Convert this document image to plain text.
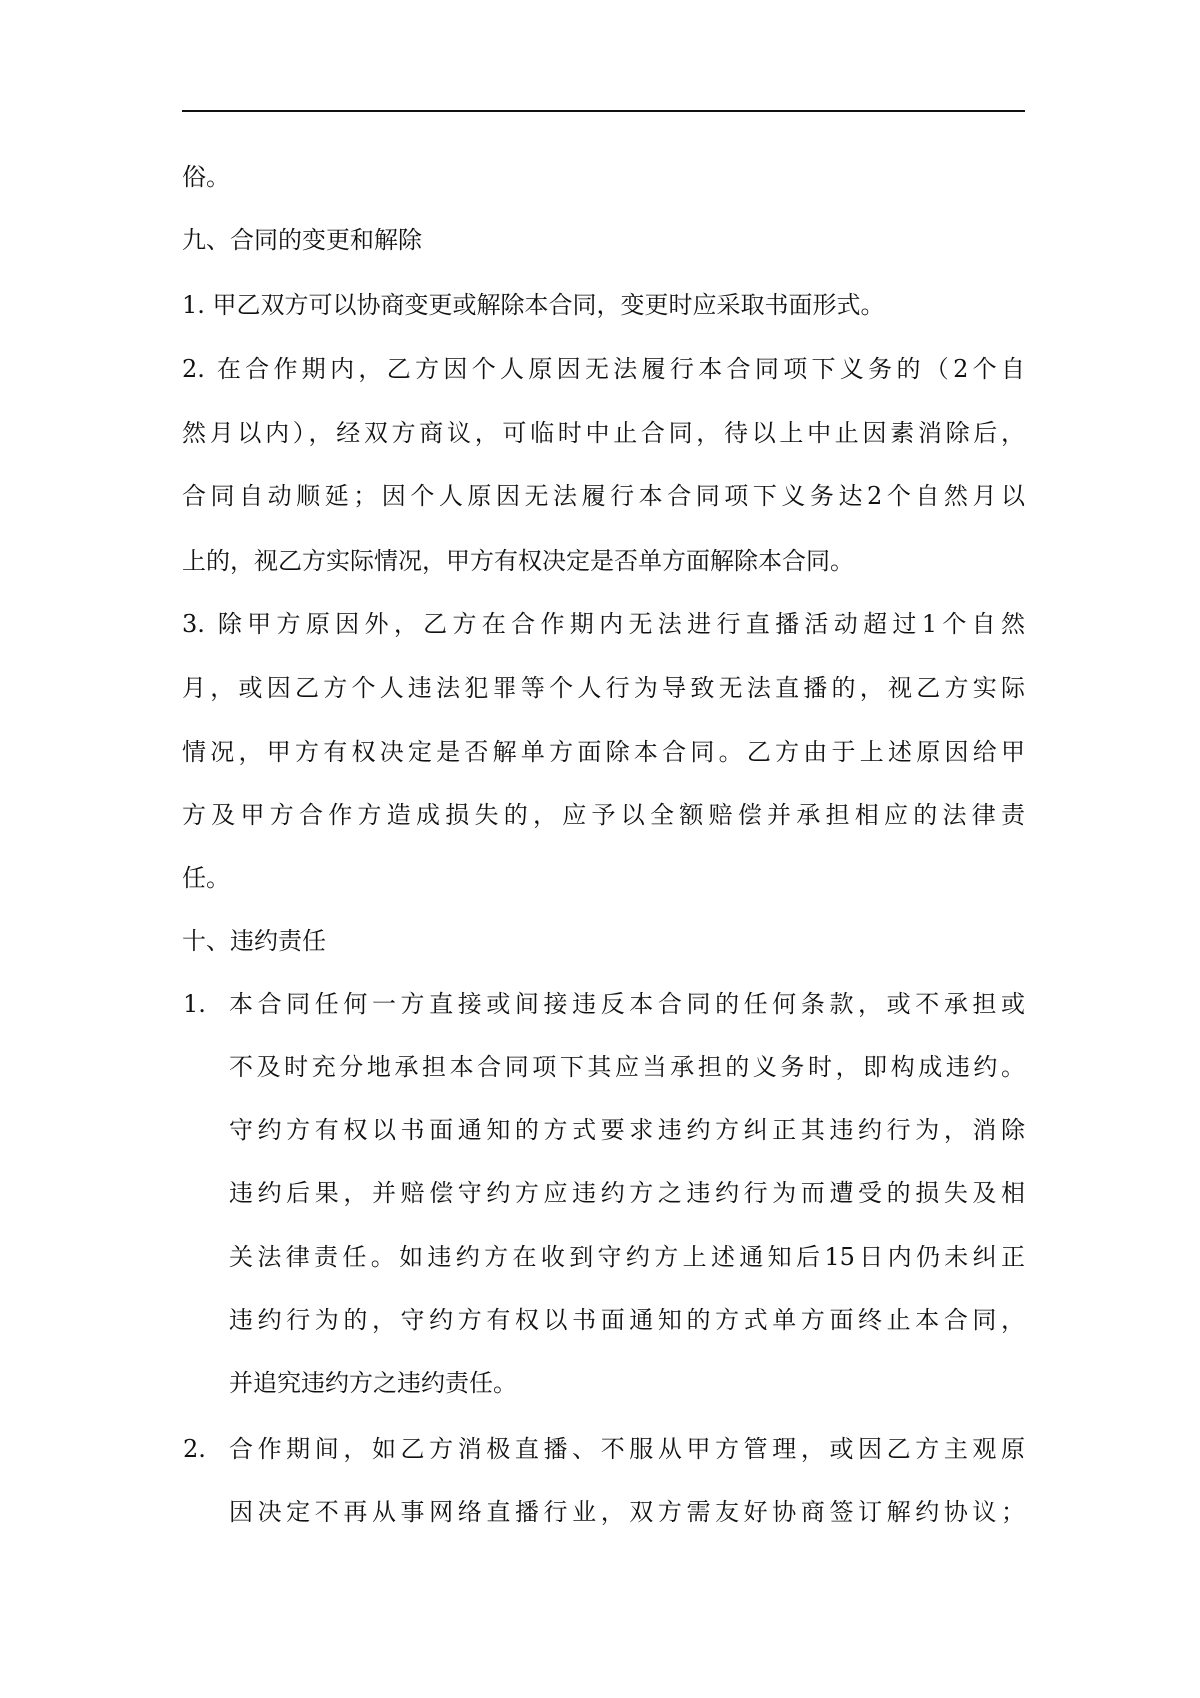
俗。
九、合同的变更和解除
1. 甲乙双方可以协商变更或解除本合同，变更时应采取书面形式。
2. 在合作期内，乙方因个人原因无法履行本合同项下义务的（2个自
然月以内），经双方商议，可临时中止合同，待以上中止因素消除后，
合同自动顺延；因个人原因无法履行本合同项下义务达2个自然月以
上的，视乙方实际情况，甲方有权决定是否单方面解除本合同。
3. 除甲方原因外，乙方在合作期内无法进行直播活动超过1个自然
月，或因乙方个人违法犯罪等个人行为导致无法直播的，视乙方实际
情况，甲方有权决定是否解单方面除本合同。乙方由于上述原因给甲
方及甲方合作方造成损失的，应予以全额赔偿并承担相应的法律责
任。
十、违约责任
本合同任何一方直接或间接违反本合同的任何条款，或不承担或
1.
不及时充分地承担本合同项下其应当承担的义务时，即构成违约。
守约方有权以书面通知的方式要求违约方纠正其违约行为，消除
违约后果，并赔偿守约方应违约方之违约行为而遭受的损失及相
关法律责任。如违约方在收到守约方上述通知后15日内仍未纠正
违约行为的，守约方有权以书面通知的方式单方面终止本合同，
并追究违约方之违约责任。
合作期间，如乙方消极直播、不服从甲方管理，或因乙方主观原
2.
因决定不再从事网络直播行业，双方需友好协商签订解约协议；
